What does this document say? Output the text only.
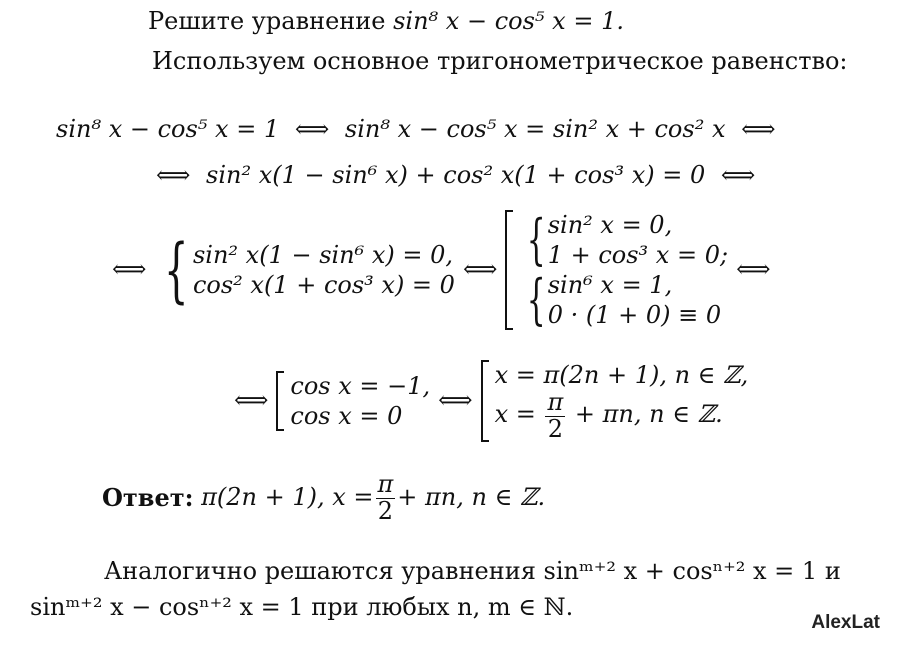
Решите уравнение sin⁸ x − cos⁵ x = 1.
Используем основное тригонометрическое равенство:
sin⁸ x − cos⁵ x = 1 ⟺ sin⁸ x − cos⁵ x = sin² x + cos² x ⟺
⟺ sin² x(1 − sin⁶ x) + cos² x(1 + cos³ x) = 0 ⟺
⟺ { sin² x(1 − sin⁶ x) = 0,
cos² x(1 + cos³ x) = 0
⟺ { sin² x = 0,
1 + cos³ x = 0;
{ sin⁶ x = 1,
0 · (1 + 0) ≡ 0
⟺
⟺
cos x = −1,
cos x = 0
⟺
x = π(2n + 1), n ∈ ℤ,
$x = \frac{\pi}{2} + \pi n$, n ∈ ℤ.
Ответ:
π(2n + 1), $x = \frac{\pi}{2} + \pi n$, n ∈ ℤ.
Аналогично решаются уравнения sinᵐ⁺² x + cosⁿ⁺² x = 1 и
sinᵐ⁺² x − cosⁿ⁺² x = 1 при любых n, m ∈ ℕ.
AlexLat
